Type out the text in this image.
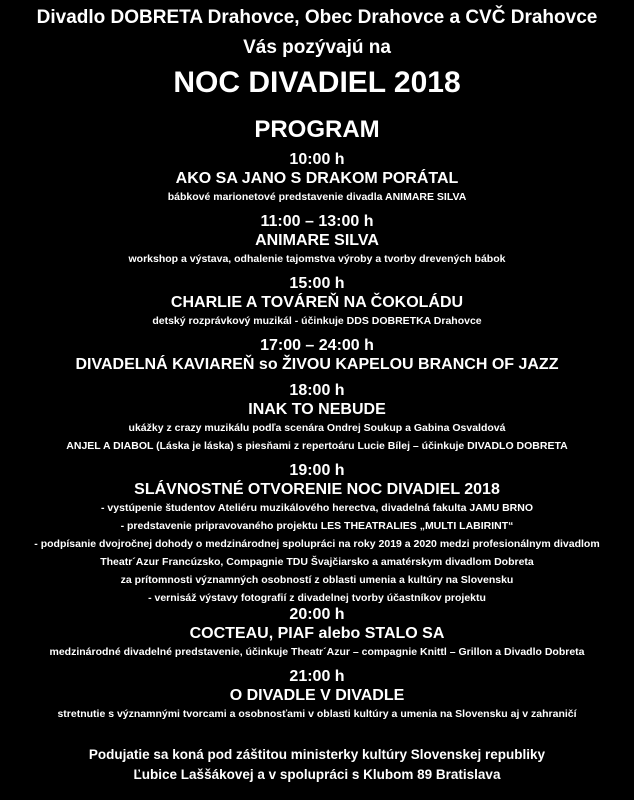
Divadlo DOBRETA Drahovce, Obec Drahovce a CVČ Drahovce
Vás pozývajú na
NOC DIVADIEL 2018
PROGRAM
10:00 h
AKO SA JANO S DRAKOM PORÁTAL
bábkové marionetové predstavenie divadla ANIMARE SILVA
11:00 – 13:00 h
ANIMARE SILVA
workshop a výstava, odhalenie tajomstva výroby a tvorby drevených bábok
15:00 h
CHARLIE A TOVÁREŇ NA ČOKOLÁDU
detský rozprávkový muzikál - účinkuje DDS DOBRETKA Drahovce
17:00 – 24:00 h
DIVADELNÁ KAVIAREŇ so ŽIVOU KAPELOU BRANCH OF JAZZ
18:00 h
INAK TO NEBUDE
ukážky z crazy muzikálu podľa scenára Ondrej Soukup a Gabina Osvaldová
ANJEL A DIABOL (Láska je láska) s piesňami z repertoáru Lucie Bílej – účinkuje DIVADLO DOBRETA
19:00 h
SLÁVNOSTNÉ OTVORENIE NOC DIVADIEL 2018
- vystúpenie študentov Ateliéru muzikálového herectva, divadelná fakulta JAMU BRNO
- predstavenie pripravovaného projektu LES THEATRALIES „MULTI LABIRINT“
- podpísanie dvojročnej dohody o medzinárodnej spolupráci na roky 2019 a 2020 medzi profesionálnym divadlom
Theatr´Azur Francúzsko, Compagnie TDU Švajčiarsko a amatérskym divadlom Dobreta
za prítomnosti významných osobností z oblasti umenia a kultúry na Slovensku
- vernisáž výstavy fotografií z divadelnej tvorby účastníkov projektu
20:00 h
COCTEAU, PIAF alebo STALO SA
medzinárodné divadelné predstavenie, účinkuje Theatr´Azur – compagnie Knittl – Grillon a Divadlo Dobreta
21:00 h
O DIVADLE V DIVADLE
stretnutie s významnými tvorcami a osobnosťami v oblasti kultúry a umenia na Slovensku aj v zahraničí
Podujatie sa koná pod záštitou ministerky kultúry Slovenskej republiky
Ľubice Laššákovej a v spolupráci s Klubom 89 Bratislava
